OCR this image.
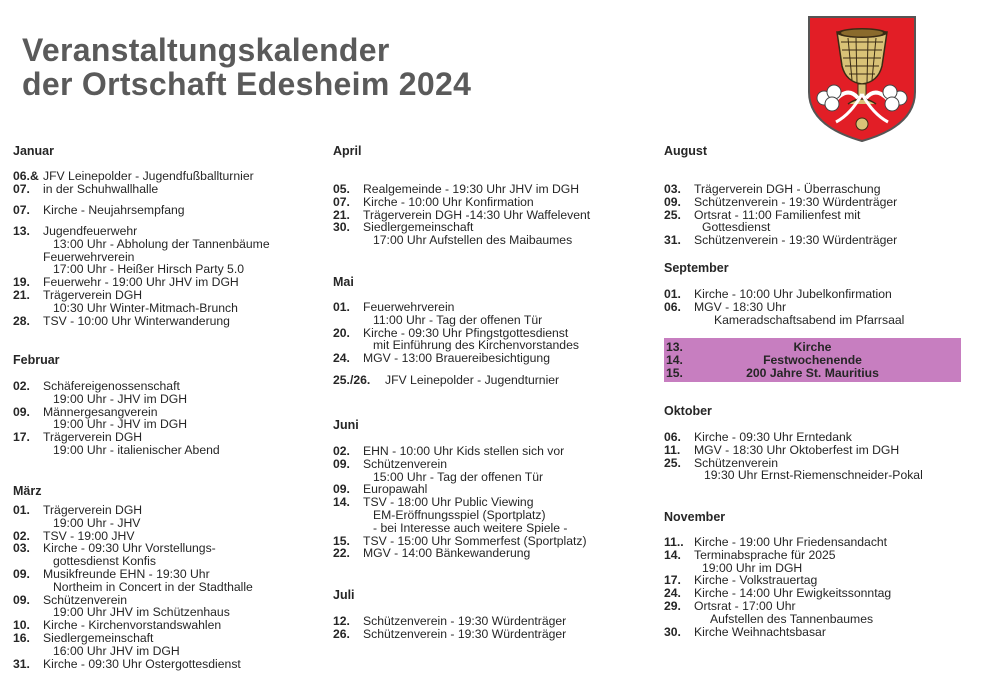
Veranstaltungskalender
der Ortschaft Edesheim 2024
Januar
06.& JFV Leinepolder - Jugendfußballturnier
07. in der Schuhwallhalle
07. Kirche - Neujahrsempfang
13. Jugendfeuerwehr
13:00 Uhr - Abholung der Tannenbäume
Feuerwehrverein
17:00 Uhr - Heißer Hirsch Party 5.0
19. Feuerwehr - 19:00 Uhr JHV im DGH
21. Trägerverein DGH
10:30 Uhr Winter-Mitmach-Brunch
28. TSV - 10:00 Uhr Winterwanderung
Februar
02. Schäfereigenossenschaft
19:00 Uhr - JHV im DGH
09. Männergesangverein
19:00 Uhr - JHV im DGH
17. Trägerverein DGH
19:00 Uhr - italienischer Abend
März
01. Trägerverein DGH
19:00 Uhr - JHV
02. TSV - 19:00 JHV
03. Kirche - 09:30 Uhr Vorstellungs-
gottesdienst Konfis
09. Musikfreunde EHN - 19:30 Uhr
Northeim in Concert in der Stadthalle
09. Schützenverein
19:00 Uhr JHV im Schützenhaus
10. Kirche - Kirchenvorstandswahlen
16. Siedlergemeinschaft
16:00 Uhr JHV im DGH
31. Kirche - 09:30 Uhr Ostergottesdienst
April
05. Realgemeinde - 19:30 Uhr JHV im DGH
07. Kirche - 10:00 Uhr Konfirmation
21. Trägerverein DGH -14:30 Uhr Waffelevent
30. Siedlergemeinschaft
17:00 Uhr Aufstellen des Maibaumes
Mai
01. Feuerwehrverein
11:00 Uhr - Tag der offenen Tür
20. Kirche - 09:30 Uhr Pfingstgottesdienst
mit Einführung des Kirchenvorstandes
24. MGV - 13:00 Brauereibesichtigung
25./26. JFV Leinepolder - Jugendturnier
Juni
02. EHN - 10:00 Uhr Kids stellen sich vor
09. Schützenverein
15:00 Uhr - Tag der offenen Tür
09. Europawahl
14. TSV - 18:00 Uhr Public Viewing
EM-Eröffnungsspiel (Sportplatz)
- bei Interesse auch weitere Spiele -
15. TSV - 15:00 Uhr Sommerfest (Sportplatz)
22. MGV - 14:00 Bänkewanderung
Juli
12. Schützenverein - 19:30 Würdenträger
26. Schützenverein - 19:30 Würdenträger
August
03. Trägerverein DGH - Überraschung
09. Schützenverein - 19:30 Würdenträger
25. Ortsrat - 11:00 Familienfest mit
Gottesdienst
31. Schützenverein - 19:30 Würdenträger
September
01. Kirche - 10:00 Uhr Jubelkonfirmation
06. MGV - 18:30 Uhr
Kameradschaftsabend im Pfarrsaal
13.	Kirche
14.	Festwochenende
15.	200 Jahre St. Mauritius
Oktober
06. Kirche - 09:30 Uhr Erntedank
11. MGV - 18:30 Uhr Oktoberfest im DGH
25. Schützenverein
19:30 Uhr Ernst-Riemenschneider-Pokal
November
11.. Kirche - 19:00 Uhr Friedensandacht
14. Terminabsprache für 2025
19:00 Uhr im DGH
17. Kirche - Volkstrauertag
24. Kirche - 14:00 Uhr Ewigkeitssonntag
29. Ortsrat - 17:00 Uhr
Aufstellen des Tannenbaumes
30. Kirche Weihnachtsbasar
